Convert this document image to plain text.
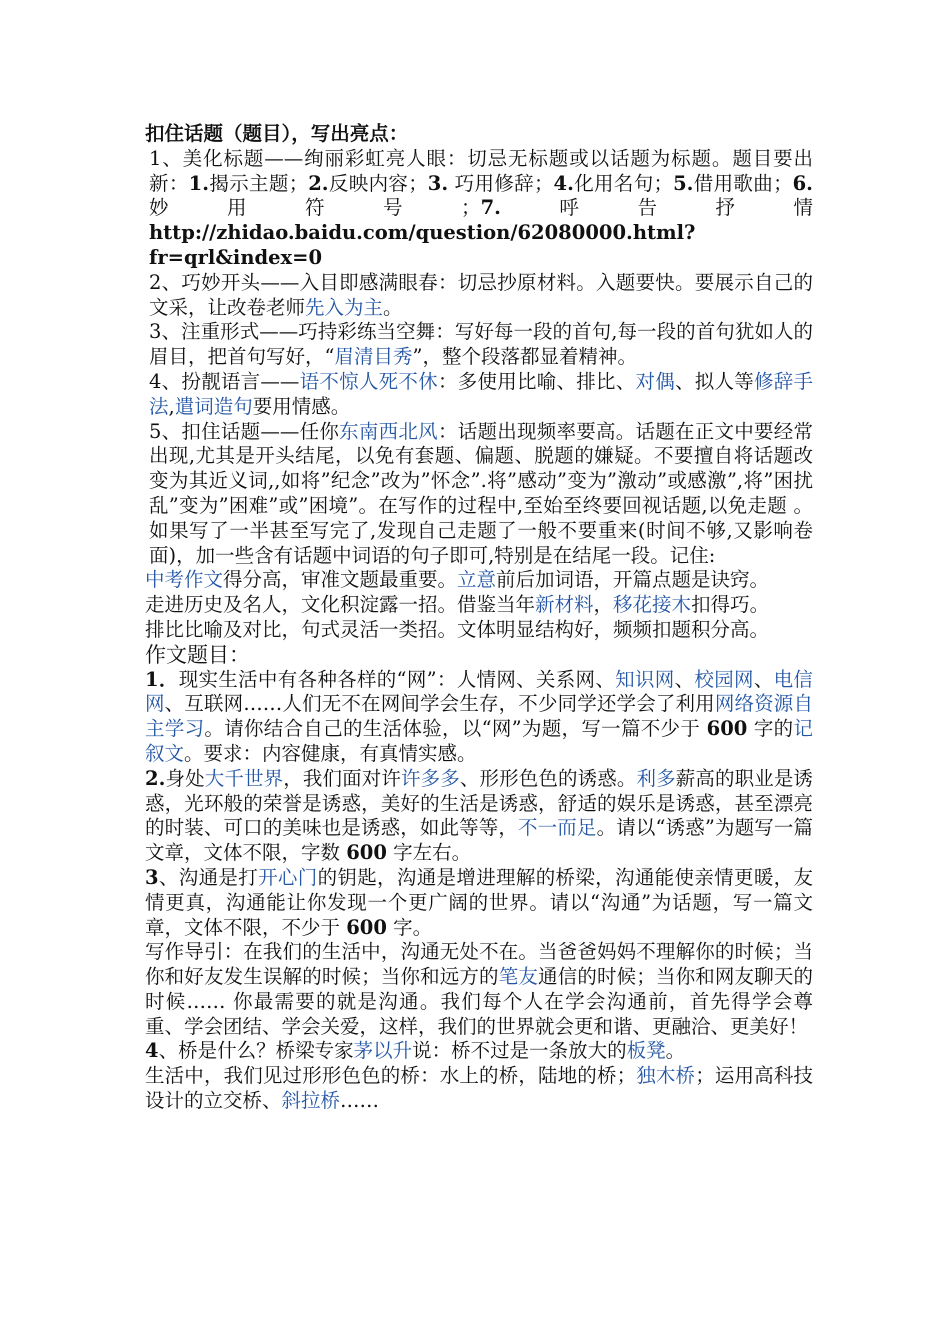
扣住话题（题目），写出亮点：
1、美化标题——绚丽彩虹亮人眼：切忌无标题或以话题为标题。题目要出新：1.揭示主题；2.反映内容；3. 巧用修辞；4.化用名句；5.借用歌曲；6.妙用符号；7.呼告抒情 http://zhidao.baidu.com/question/62080000.html?fr=qrl&index=0
2、巧妙开头——入目即感满眼春：切忌抄原材料。入题要快。要展示自己的文采，让改卷老师先入为主。
3、注重形式——巧持彩练当空舞：写好每一段的首句,每一段的首句犹如人的眉目，把首句写好，“眉清目秀”，整个段落都显着精神。
4、扮靓语言——语不惊人死不休：多使用比喻、排比、对偶、拟人等修辞手法,遣词造句要用情感。
5、扣住话题——任你东南西北风：话题出现频率要高。话题在正文中要经常出现,尤其是开头结尾，以免有套题、偏题、脱题的嫌疑。不要擅自将话题改变为其近义词,,如将”纪念”改为”怀念”.将”感动”变为”激动”或感激”,将”困扰乱”变为”困难”或”困境”。在写作的过程中,至始至终要回视话题,以免走题 。如果写了一半甚至写完了,发现自己走题了一般不要重来(时间不够,又影响卷面)，加一些含有话题中词语的句子即可,特别是在结尾一段。记住:
中考作文得分高，审准文题最重要。立意前后加词语，开篇点题是诀窍。
走进历史及名人，文化积淀露一招。借鉴当年新材料，移花接木扣得巧。
排比比喻及对比，句式灵活一类招。文体明显结构好，频频扣题积分高。
作文题目：
1．现实生活中有各种各样的“网”：人情网、关系网、知识网、校园网、电信网、互联网……人们无不在网间学会生存，不少同学还学会了利用网络资源自主学习。请你结合自己的生活体验，以“网”为题，写一篇不少于 600 字的记叙文。要求：内容健康，有真情实感。
2.身处大千世界，我们面对许许多多、形形色色的诱惑。利多薪高的职业是诱惑，光环般的荣誉是诱惑，美好的生活是诱惑，舒适的娱乐是诱惑，甚至漂亮的时装、可口的美味也是诱惑，如此等等，不一而足。请以“诱惑”为题写一篇文章，文体不限，字数 600 字左右。
3、沟通是打开心门的钥匙，沟通是增进理解的桥梁，沟通能使亲情更暖，友情更真，沟通能让你发现一个更广阔的世界。请以“沟通”为话题，写一篇文章，文体不限，不少于 600 字。
写作导引：在我们的生活中，沟通无处不在。当爸爸妈妈不理解你的时候；当你和好友发生误解的时候；当你和远方的笔友通信的时候；当你和网友聊天的时候…… 你最需要的就是沟通。我们每个人在学会沟通前，首先得学会尊重、学会团结、学会关爱，这样，我们的世界就会更和谐、更融洽、更美好！
4、桥是什么？桥梁专家茅以升说：桥不过是一条放大的板凳。
生活中，我们见过形形色色的桥：水上的桥，陆地的桥；独木桥；运用高科技设计的立交桥、斜拉桥……
